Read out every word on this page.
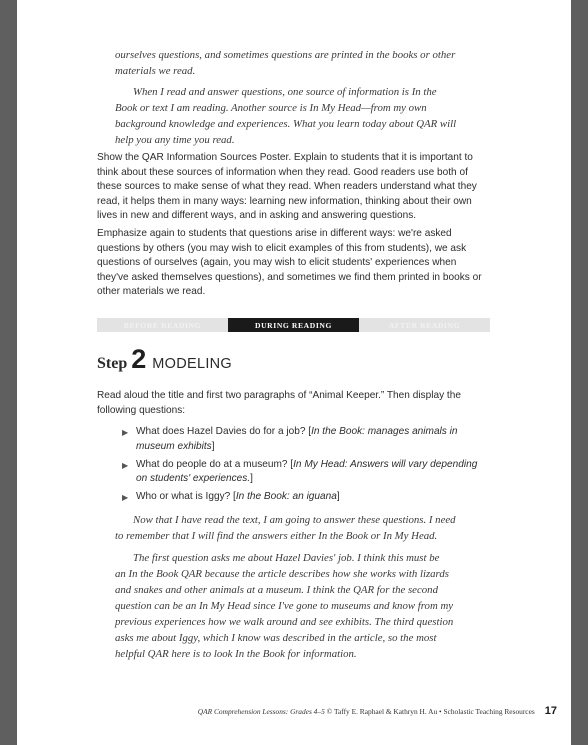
ourselves questions, and sometimes questions are printed in the books or other
materials we read.
When I read and answer questions, one source of information is In the
Book or text I am reading. Another source is In My Head—from my own
background knowledge and experiences. What you learn today about QAR will
help you any time you read.
Show the QAR Information Sources Poster. Explain to students that it is important to
think about these sources of information when they read. Good readers use both of
these sources to make sense of what they read. When readers understand what they
read, it helps them in many ways: learning new information, thinking about their own
lives in new and different ways, and in asking and answering questions.
Emphasize again to students that questions arise in different ways: we're asked
questions by others (you may wish to elicit examples of this from students), we ask
questions of ourselves (again, you may wish to elicit students' experiences when
they've asked themselves questions), and sometimes we find them printed in books or
other materials we read.
BEFORE READING	DURING READING	AFTER READING
Step 2 MODELING
Read aloud the title and first two paragraphs of “Animal Keeper.” Then display the
following questions:
▶ What does Hazel Davies do for a job? [In the Book: manages animals in
museum exhibits]
▶ What do people do at a museum? [In My Head: Answers will vary depending
on students' experiences.]
▶ Who or what is Iggy? [In the Book: an iguana]
Now that I have read the text, I am going to answer these questions. I need
to remember that I will find the answers either In the Book or In My Head.
The first question asks me about Hazel Davies' job. I think this must be
an In the Book QAR because the article describes how she works with lizards
and snakes and other animals at a museum. I think the QAR for the second
question can be an In My Head since I've gone to museums and know from my
previous experiences how we walk around and see exhibits. The third question
asks me about Iggy, which I know was described in the article, so the most
helpful QAR here is to look In the Book for information.
QAR Comprehension Lessons: Grades 4–5 © Taffy E. Raphael & Kathryn H. Au • Scholastic Teaching Resources 17
